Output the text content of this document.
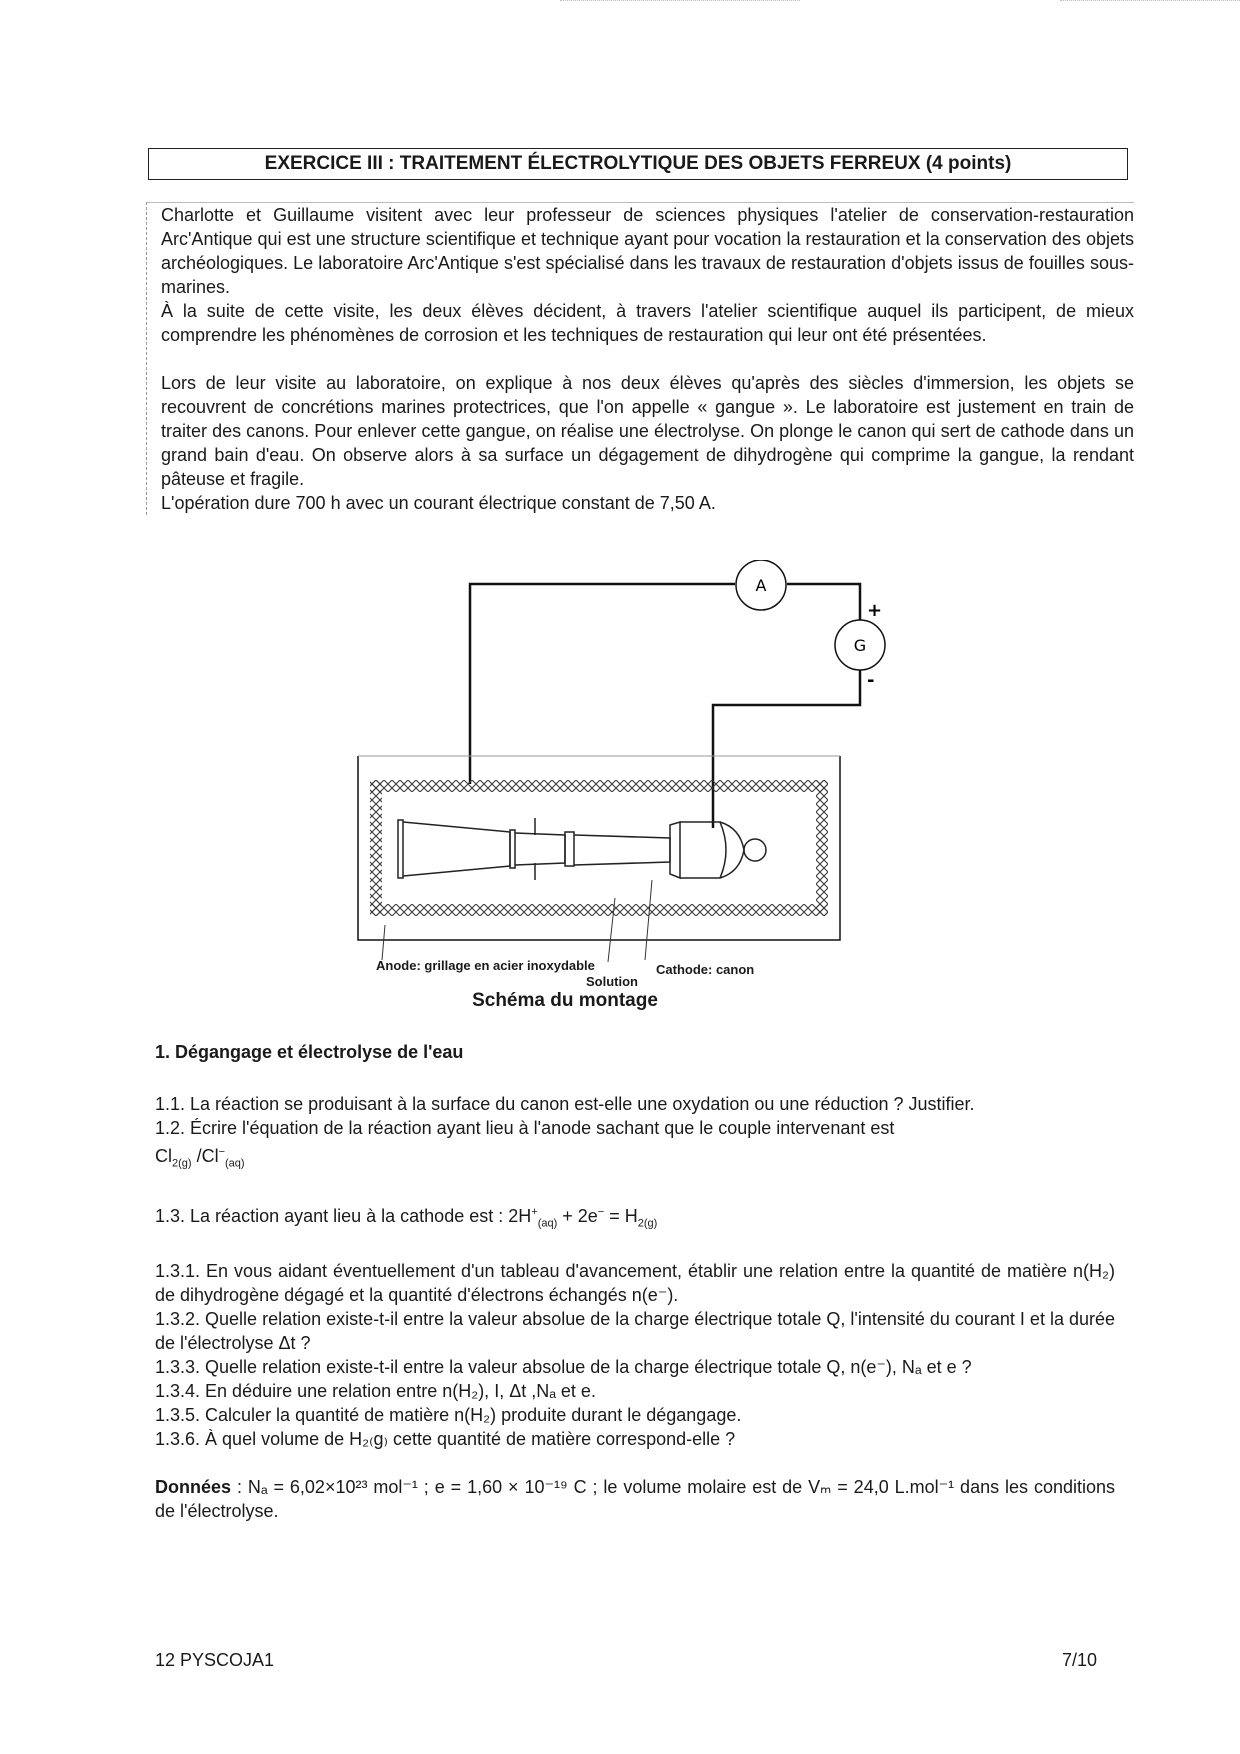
EXERCICE III : TRAITEMENT ÉLECTROLYTIQUE DES OBJETS FERREUX (4 points)

Charlotte et Guillaume visitent avec leur professeur de sciences physiques l'atelier de conservation-restauration Arc'Antique qui est une structure scientifique et technique ayant pour vocation la restauration et la conservation des objets archéologiques. Le laboratoire Arc'Antique s'est spécialisé dans les travaux de restauration d'objets issus de fouilles sous-marines.

À la suite de cette visite, les deux élèves décident, à travers l'atelier scientifique auquel ils participent, de mieux comprendre les phénomènes de corrosion et les techniques de restauration qui leur ont été présentées.

Lors de leur visite au laboratoire, on explique à nos deux élèves qu'après des siècles d'immersion, les objets se recouvrent de concrétions marines protectrices, que l'on appelle « gangue ». Le laboratoire est justement en train de traiter des canons. Pour enlever cette gangue, on réalise une électrolyse. On plonge le canon qui sert de cathode dans un grand bain d'eau. On observe alors à sa surface un dégagement de dihydrogène qui comprime la gangue, la rendant pâteuse et fragile.

L'opération dure 700 h avec un courant électrique constant de 7,50 A.

A
G
+
-
Anode: grillage en acier inoxydable
Solution
Cathode: canon
Schéma du montage

1. Dégangage et électrolyse de l'eau

1.1. La réaction se produisant à la surface du canon est-elle une oxydation ou une réduction ? Justifier.

1.2. Écrire l'équation de la réaction ayant lieu à l'anode sachant que le couple intervenant est

$Cl_{2(g)}$ $/Cl^-_{(aq)}$

1.3. La réaction ayant lieu à la cathode est : $2H^+_{(aq)} + 2e^- = H_{2(g)}$

1.3.1. En vous aidant éventuellement d'un tableau d'avancement, établir une relation entre la quantité de matière n(H₂) de dihydrogène dégagé et la quantité d'électrons échangés n(e⁻).

1.3.2. Quelle relation existe-t-il entre la valeur absolue de la charge électrique totale Q, l'intensité du courant I et la durée de l'électrolyse Δt ?

1.3.3. Quelle relation existe-t-il entre la valeur absolue de la charge électrique totale Q, n(e⁻), Nₐ et e ?

1.3.4. En déduire une relation entre n(H₂), I, Δt ,Nₐ et e.

1.3.5. Calculer la quantité de matière n(H₂) produite durant le dégangage.

1.3.6. À quel volume de H₂₍g₎ cette quantité de matière correspond-elle ?

Données : Nₐ = 6,02×10²³ mol⁻¹ ; e = 1,60 × 10⁻¹⁹ C ; le volume molaire est de Vₘ = 24,0 L.mol⁻¹ dans les conditions de l'électrolyse.

12 PYSCOJA1	7/10
